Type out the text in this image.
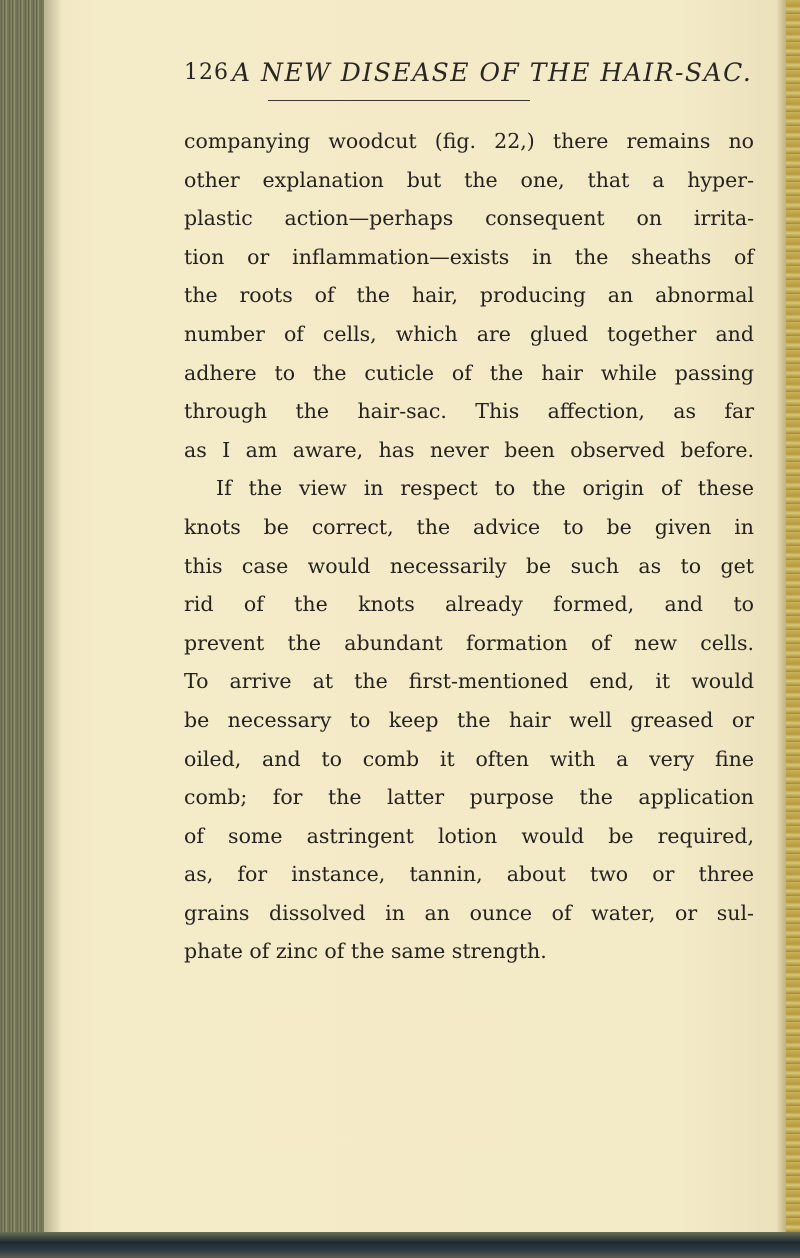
126 A NEW DISEASE OF THE HAIR-SAC.
companying woodcut (fig. 22,) there remains no
other explanation but the one, that a hyper-
plastic action—perhaps consequent on irrita-
tion or inflammation—exists in the sheaths of
the roots of the hair, producing an abnormal
number of cells, which are glued together and
adhere to the cuticle of the hair while passing
through the hair-sac. This affection, as far
as I am aware, has never been observed before.
If the view in respect to the origin of these
knots be correct, the advice to be given in
this case would necessarily be such as to get
rid of the knots already formed, and to
prevent the abundant formation of new cells.
To arrive at the first-mentioned end, it would
be necessary to keep the hair well greased or
oiled, and to comb it often with a very fine
comb; for the latter purpose the application
of some astringent lotion would be required,
as, for instance, tannin, about two or three
grains dissolved in an ounce of water, or sul-
phate of zinc of the same strength.
